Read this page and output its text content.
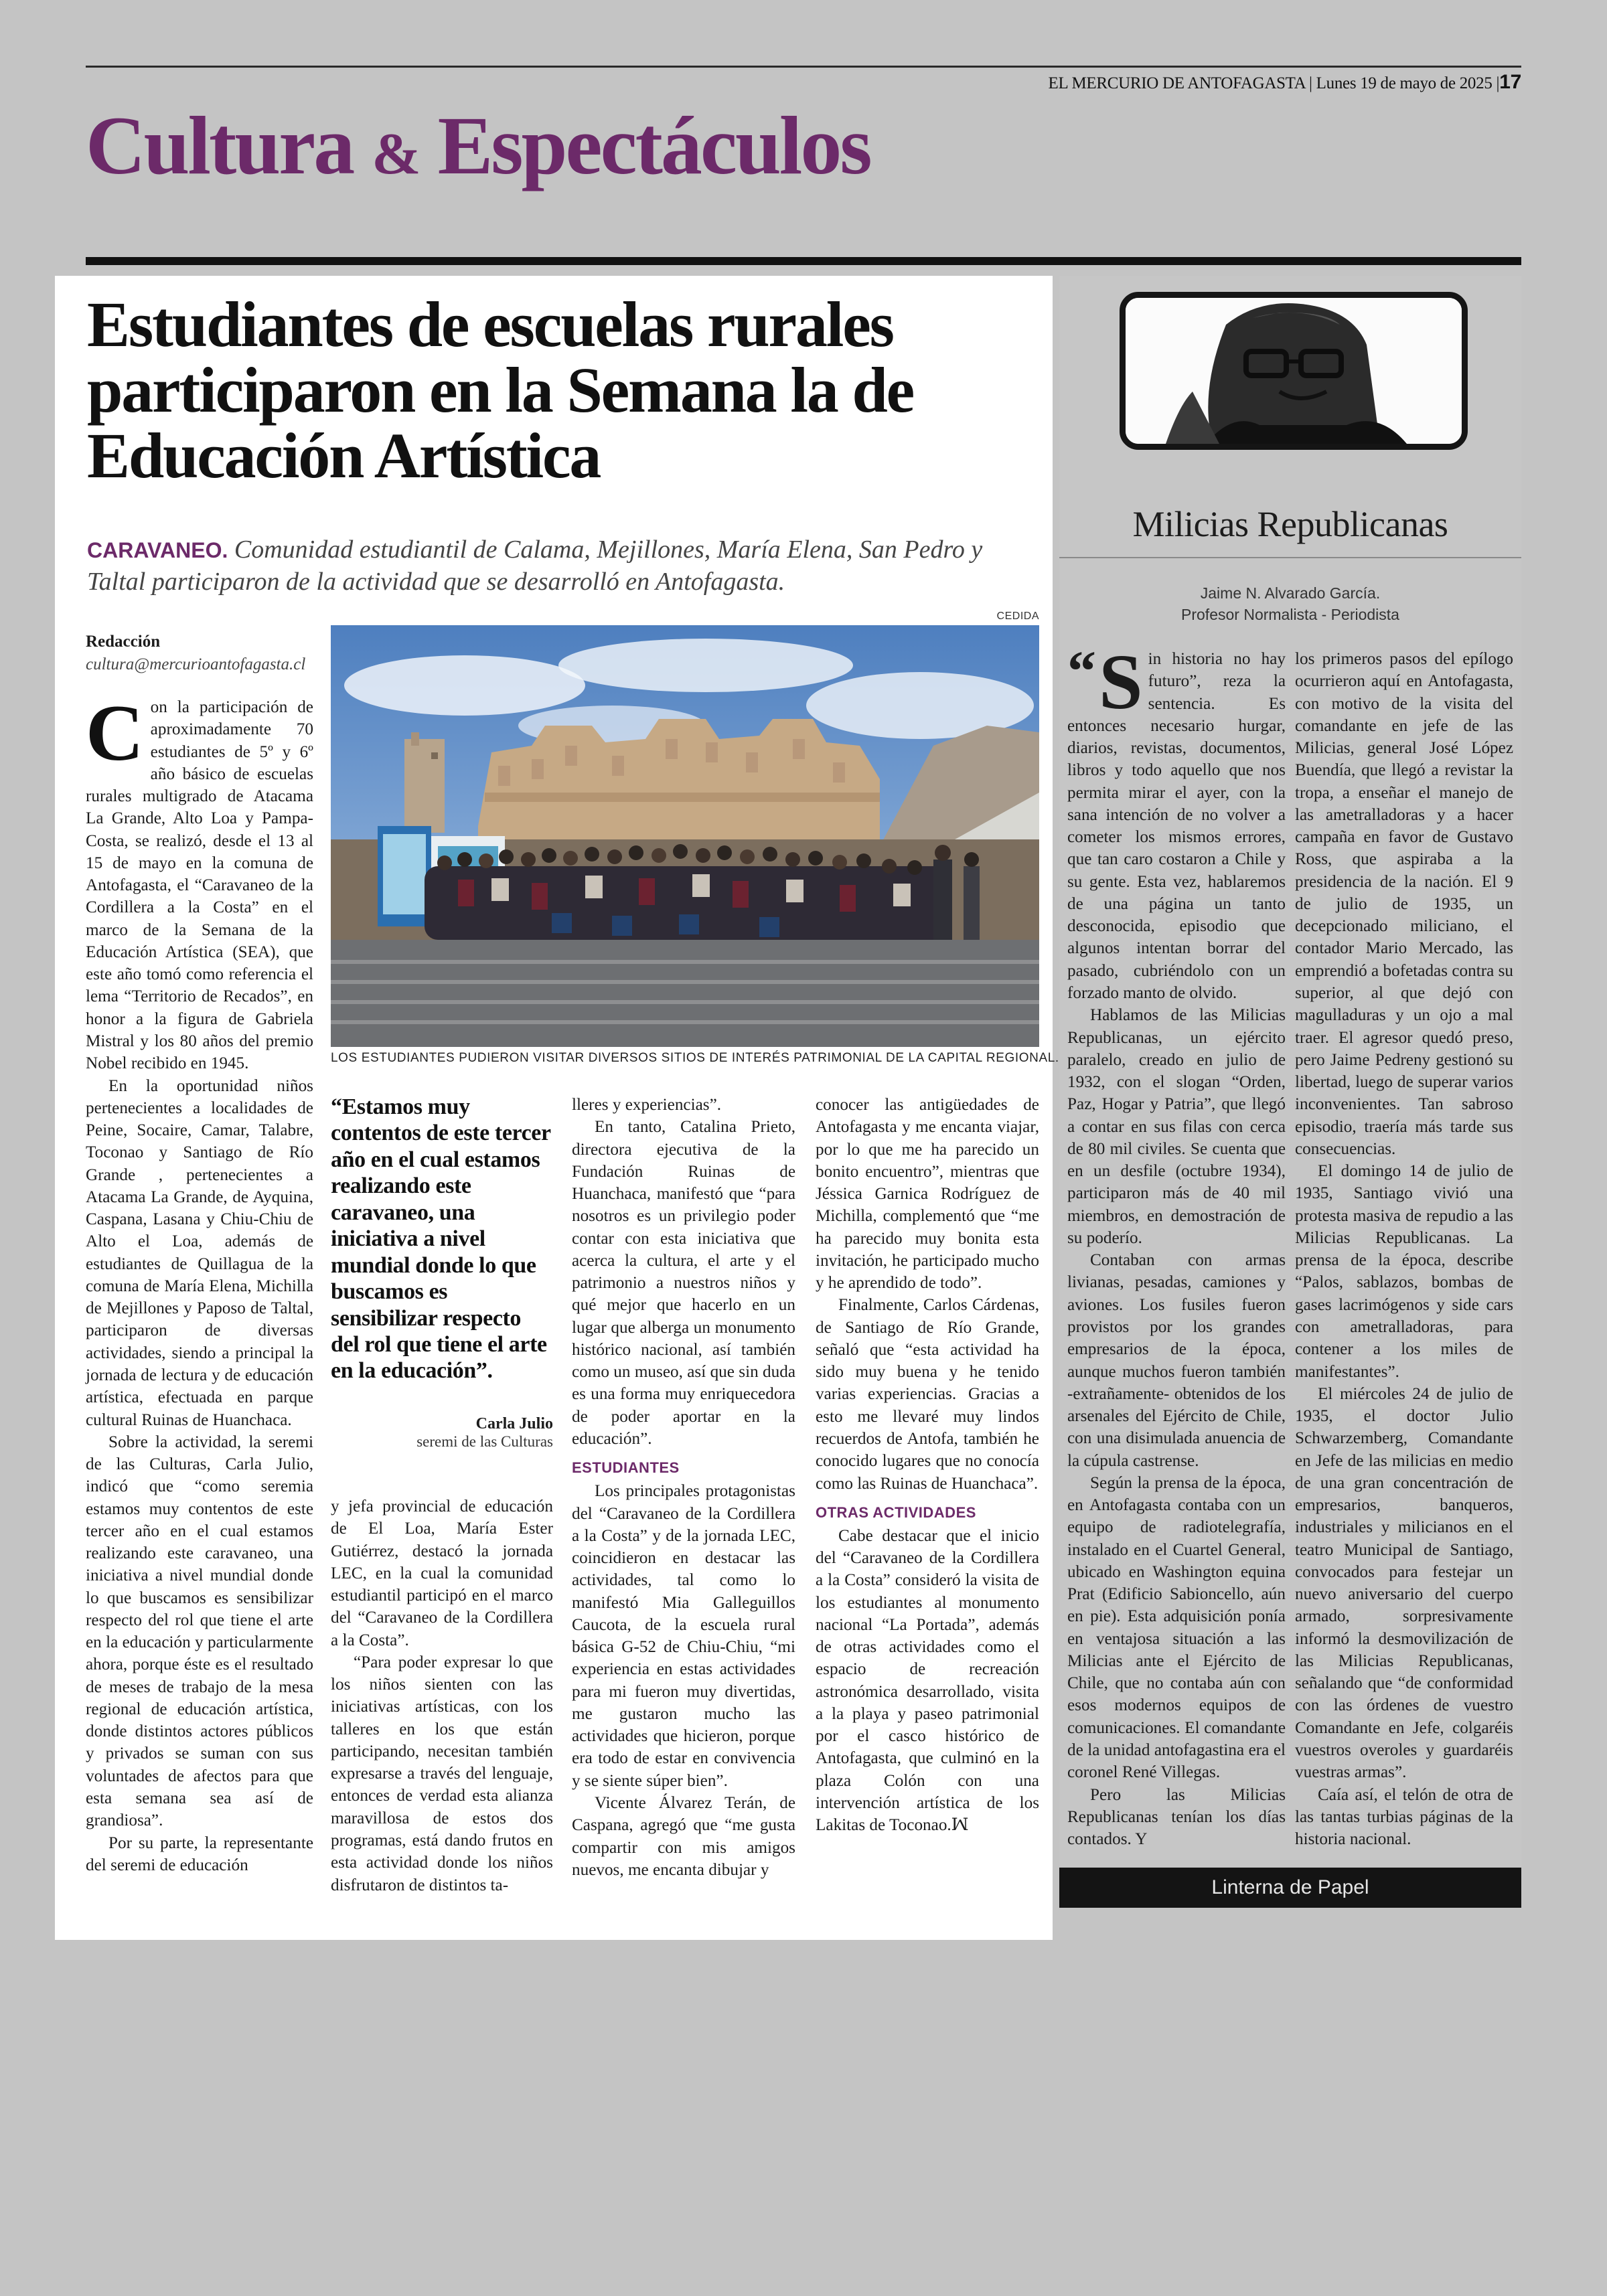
EL MERCURIO DE ANTOFAGASTA | Lunes 19 de mayo de 2025 |17
Cultura & Espectáculos
Estudiantes de escuelas rurales participaron en la Semana la de Educación Artística
CARAVANEO. Comunidad estudiantil de Calama, Mejillones, María Elena, San Pedro y Taltal participaron de la actividad que se desarrolló en Antofagasta.
Redacción
cultura@mercurioantofagasta.cl

Con la participación de aproximadamente 70 estudiantes de 5º y 6º año básico de escuelas rurales multigrado de Atacama La Grande, Alto Loa y Pampa-Costa, se realizó, desde el 13 al 15 de mayo en la comuna de Antofagasta, el “Caravaneo de la Cordillera a la Costa” en el marco de la Semana de la Educación Artística (SEA), que este año tomó como referencia el lema “Territorio de Recados”, en honor a la figura de Gabriela Mistral y los 80 años del premio Nobel recibido en 1945.

En la oportunidad niños pertenecientes a localidades de Peine, Socaire, Camar, Talabre, Toconao y Santiago de Río Grande , pertenecientes a Atacama La Grande, de Ayquina, Caspana, Lasana y Chiu-Chiu de Alto el Loa, además de estudiantes de Quillagua de la comuna de María Elena, Michilla de Mejillones y Paposo de Taltal, participaron de diversas actividades, siendo a principal la jornada de lectura y de educación artística, efectuada en parque cultural Ruinas de Huanchaca.

Sobre la actividad, la seremi de las Culturas, Carla Julio, indicó que “como seremia estamos muy contentos de este tercer año en el cual estamos realizando este caravaneo, una iniciativa a nivel mundial donde lo que buscamos es sensibilizar respecto del rol que tiene el arte en la educación y particularmente ahora, porque éste es el resultado de meses de trabajo de la mesa regional de educación artística, donde distintos actores públicos y privados se suman con sus voluntades de afectos para que esta semana sea así de grandiosa”.

Por su parte, la representante del seremi de educación

CEDIDA
LOS ESTUDIANTES PUDIERON VISITAR DIVERSOS SITIOS DE INTERÉS PATRIMONIAL DE LA CAPITAL REGIONAL.
“Estamos muy contentos de este tercer año en el cual estamos realizando este caravaneo, una iniciativa a nivel mundial donde lo que buscamos es sensibilizar respecto del rol que tiene el arte en la educación”.
Carla Julio
seremi de las Culturas

y jefa provincial de educación de El Loa, María Ester Gutiérrez, destacó la jornada LEC, en la cual la comunidad estudiantil participó en el marco del “Caravaneo de la Cordillera a la Costa”.

“Para poder expresar lo que los niños sienten con las iniciativas artísticas, con los talleres en los que están participando, necesitan también expresarse a través del lenguaje, entonces de verdad esta alianza maravillosa de estos dos programas, está dando frutos en esta actividad donde los niños disfrutaron de distintos ta-

lleres y experiencias”.

En tanto, Catalina Prieto, directora ejecutiva de la Fundación Ruinas de Huanchaca, manifestó que “para nosotros es un privilegio poder contar con esta iniciativa que acerca la cultura, el arte y el patrimonio a nuestros niños y qué mejor que hacerlo en un lugar que alberga un monumento histórico nacional, así también como un museo, así que sin duda es una forma muy enriquecedora de poder aportar en la educación”.

ESTUDIANTES

Los principales protagonistas del “Caravaneo de la Cordillera a la Costa” y de la jornada LEC, coincidieron en destacar las actividades, tal como lo manifestó Mia Galleguillos Caucota, de la escuela rural básica G-52 de Chiu-Chiu, “mi experiencia en estas actividades para mi fueron muy divertidas, me gustaron mucho las actividades que hicieron, porque era todo de estar en convivencia y se siente súper bien”.

Vicente Álvarez Terán, de Caspana, agregó que “me gusta compartir con mis amigos nuevos, me encanta dibujar y

conocer las antigüedades de Antofagasta y me encanta viajar, por lo que me ha parecido un bonito encuentro”, mientras que Jéssica Garnica Rodríguez de Michilla, complementó que “me ha parecido muy bonita esta invitación, he participado mucho y he aprendido de todo”.

Finalmente, Carlos Cárdenas, de Santiago de Río Grande, señaló que “esta actividad ha sido muy buena y he tenido varias experiencias. Gracias a esto me llevaré muy lindos recuerdos de Antofa, también he conocido lugares que no conocía como las Ruinas de Huanchaca”.

OTRAS ACTIVIDADES

Cabe destacar que el inicio del “Caravaneo de la Cordillera a la Costa” consideró la visita de los estudiantes al monumento nacional “La Portada”, además de otras actividades como el espacio de recreación astronómica desarrollado, visita a la playa y paseo patrimonial por el casco histórico de Antofagasta, que culminó en la plaza Colón con una intervención artística de los Lakitas de Toconao.ꟽ

Milicias Republicanas
Jaime N. Alvarado García.
Profesor Normalista - Periodista

“ S in historia no hay futuro”, reza la sentencia. Es entonces necesario hurgar, diarios, revistas, documentos, libros y todo aquello que nos permita mirar el ayer, con la sana intención de no volver a cometer los mismos errores, que tan caro costaron a Chile y su gente. Esta vez, hablaremos de una página un tanto desconocida, episodio que algunos intentan borrar del pasado, cubriéndolo con un forzado manto de olvido.

Hablamos de las Milicias Republicanas, un ejército paralelo, creado en julio de 1932, con el slogan “Orden, Paz, Hogar y Patria”, que llegó a contar en sus filas con cerca de 80 mil civiles. Se cuenta que en un desfile (octubre 1934), participaron más de 40 mil miembros, en demostración de su poderío.

Contaban con armas livianas, pesadas, camiones y aviones. Los fusiles fueron provistos por los grandes empresarios de la época, aunque muchos fueron también -extrañamente- obtenidos de los arsenales del Ejército de Chile, con una disimulada anuencia de la cúpula castrense.

Según la prensa de la época, en Antofagasta contaba con un equipo de radiotelegrafía, instalado en el Cuartel General, ubicado en Washington equina Prat (Edificio Sabioncello, aún en pie). Esta adquisición ponía en ventajosa situación a las Milicias ante el Ejército de Chile, que no contaba aún con esos modernos equipos de comunicaciones. El comandante de la unidad antofagastina era el coronel René Villegas.

Pero las Milicias Republicanas tenían los días contados. Y

los primeros pasos del epílogo ocurrieron aquí en Antofagasta, con motivo de la visita del comandante en jefe de las Milicias, general José López Buendía, que llegó a revistar la tropa, a enseñar el manejo de las ametralladoras y a hacer campaña en favor de Gustavo Ross, que aspiraba a la presidencia de la nación. El 9 de julio de 1935, un decepcionado miliciano, el contador Mario Mercado, las emprendió a bofetadas contra su superior, al que dejó con magulladuras y un ojo a mal traer. El agresor quedó preso, pero Jaime Pedreny gestionó su libertad, luego de superar varios inconvenientes. Tan sabroso episodio, traería más tarde sus consecuencias.

El domingo 14 de julio de 1935, Santiago vivió una protesta masiva de repudio a las Milicias Republicanas. La prensa de la época, describe “Palos, sablazos, bombas de gases lacrimógenos y side cars con ametralladoras, para contener a los miles de manifestantes”.

El miércoles 24 de julio de 1935, el doctor Julio Schwarzemberg, Comandante en Jefe de las milicias en medio de una gran concentración de empresarios, banqueros, industriales y milicianos en el teatro Municipal de Santiago, convocados para festejar un nuevo aniversario del cuerpo armado, sorpresivamente informó la desmovilización de las Milicias Republicanas, señalando que “de conformidad con las órdenes de vuestro Comandante en Jefe, colgaréis vuestros overoles y guardaréis vuestras armas”.

Caía así, el telón de otra de las tantas turbias páginas de la historia nacional.

Linterna de Papel
